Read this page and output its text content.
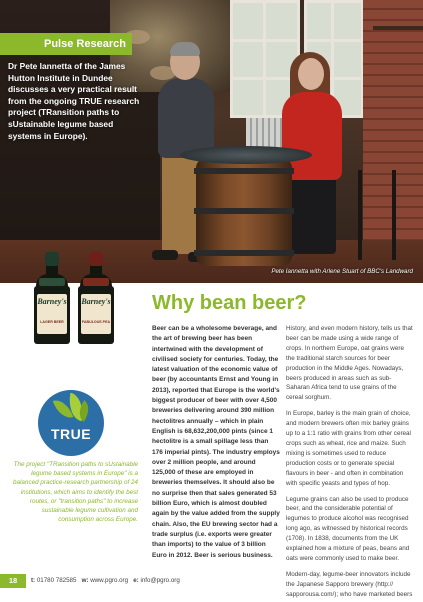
Pulse Research
Dr Pete Iannetta of the James Hutton Institute in Dundee discusses a very practical result from the ongoing TRUE research project (TRansition paths to sUstainable legume based systems in Europe).
Pete Iannetta with Arlene Stuart of BBC's Landward
Barney's
LAGER BEER
Barney's
FABULOUS PEA
TRUE
The project "TRansition paths to sUstainable legume based systems in Europe" is a balanced practice-research partnership of 24 institutions, which aims to identify the best routes, or "transition paths" to increase sustainable legume cultivation and consumption across Europe.
Why bean beer?

Beer can be a wholesome beverage, and the art of brewing beer has been intertwined with the development of civilised society for centuries. Today, the latest valuation of the economic value of beer (by accountants Ernst and Young in 2013), reported that Europe is the world's biggest producer of beer with over 4,500 breweries delivering around 390 million hectolitres annually – which in plain English is 68,632,200,000 pints (since 1 hectolitre is a small spillage less than 176 imperial pints). The industry employs over 2 million people, and around 125,000 of these are employed in breweries themselves. It should also be no surprise then that sales generated 53 billion Euro, which is almost doubled again by the value added from the supply chain. Also, the EU brewing sector had a trade surplus (i.e. exports were greater than imports) to the value of 3 billion Euro in 2012. Beer is serious business.

History, and even modern history, tells us that beer can be made using a wide range of crops. In northern Europe, oat grains were the traditional starch sources for beer production in the Middle Ages. Nowadays, beers produced in areas such as sub-Saharan Africa tend to use grains of the cereal sorghum.

In Europe, barley is the main grain of choice, and modern brewers often mix barley grains up to a 1:1 ratio with grains from other cereal crops such as wheat, rice and maize. Such mixing is sometimes used to reduce production costs or to generate special flavours in beer - and often in combination with specific yeasts and types of hop.

Legume grains can also be used to produce beer, and the considerable potential of legumes to produce alcohol was recognised long ago, as witnessed by historical records (1708). In 1838, documents from the UK explained how a mixture of peas, beans and oats were commonly used to make beer.

Modern-day, legume-beer innovators include the Japanese Sapporo brewery (http:// sapporousa.com/); who have marketed beers

18	t: 01780 782585 w: www.pgro.org e: info@pgro.org
